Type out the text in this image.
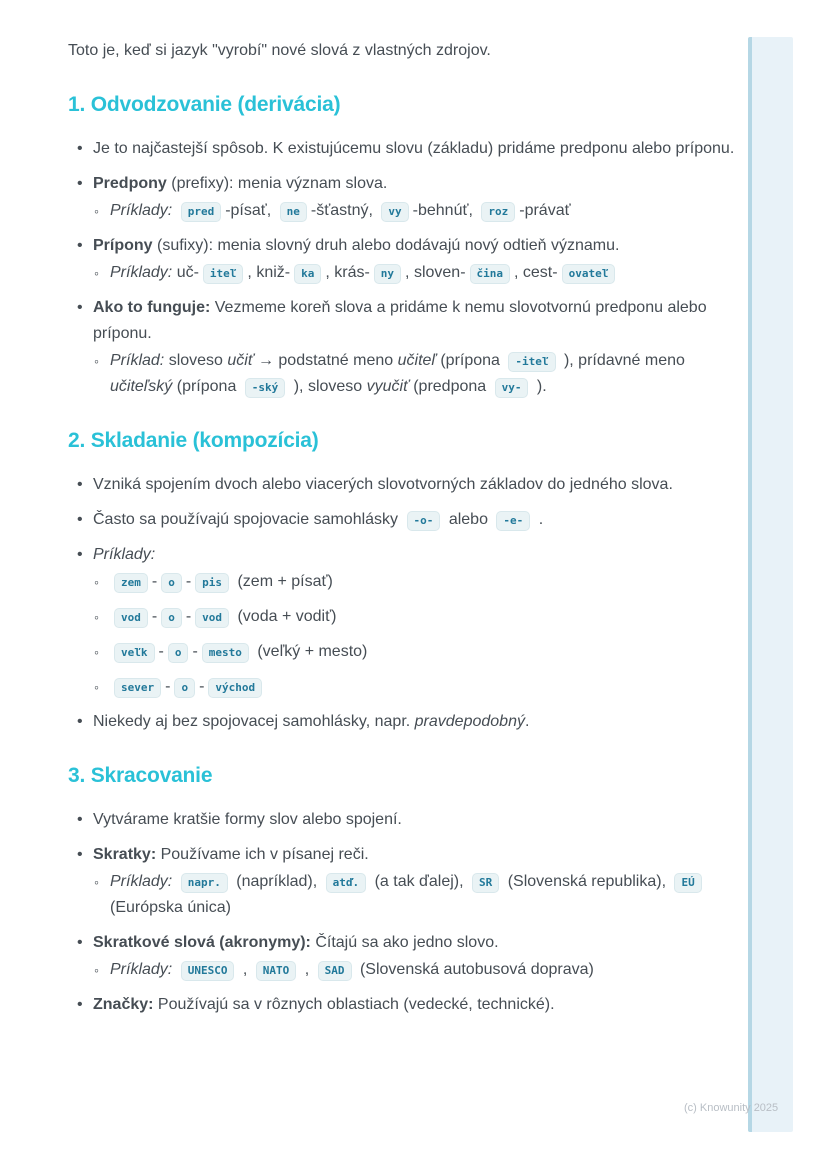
(c) Knowunity 2025

Toto je, keď si jazyk "vyrobí" nové slová z vlastných zdrojov.

1. Odvodzovanie (derivácia)
• Je to najčastejší spôsob. K existujúcemu slovu (základu) pridáme predponu alebo príponu.
• Predpony (prefixy): menia význam slova.
◦ Príklady: pred -písať, ne -šťastný, vy -behnúť, roz -právať
• Prípony (sufixy): menia slovný druh alebo dodávajú nový odtieň významu.
◦ Príklady: uč- iteľ , kniž- ka , krás- ny , sloven- čina , cest- ovateľ
• Ako to funguje: Vezmeme koreň slova a pridáme k nemu slovotvornú predponu alebo príponu.
◦ Príklad: sloveso učiť → podstatné meno učiteľ (prípona -iteľ ), prídavné meno učiteľský (prípona -ský ), sloveso vyučiť (predpona vy- ).
2. Skladanie (kompozícia)
• Vzniká spojením dvoch alebo viacerých slovotvorných základov do jedného slova.
• Často sa používajú spojovacie samohlásky -o- alebo -e- .
• Príklady:
◦ zem - o - pis (zem + písať)
◦ vod - o - vod (voda + vodiť)
◦ veľk - o - mesto (veľký + mesto)
◦ sever - o - východ
• Niekedy aj bez spojovacej samohlásky, napr. pravdepodobný.
3. Skracovanie
• Vytvárame kratšie formy slov alebo spojení.
• Skratky: Používame ich v písanej reči.
◦ Príklady: napr. (napríklad), atď. (a tak ďalej), SR (Slovenská republika), EÚ (Európska única)
• Skratkové slová (akronymy): Čítajú sa ako jedno slovo.
◦ Príklady: UNESCO , NATO , SAD (Slovenská autobusová doprava)
• Značky: Používajú sa v rôznych oblastiach (vedecké, technické).
